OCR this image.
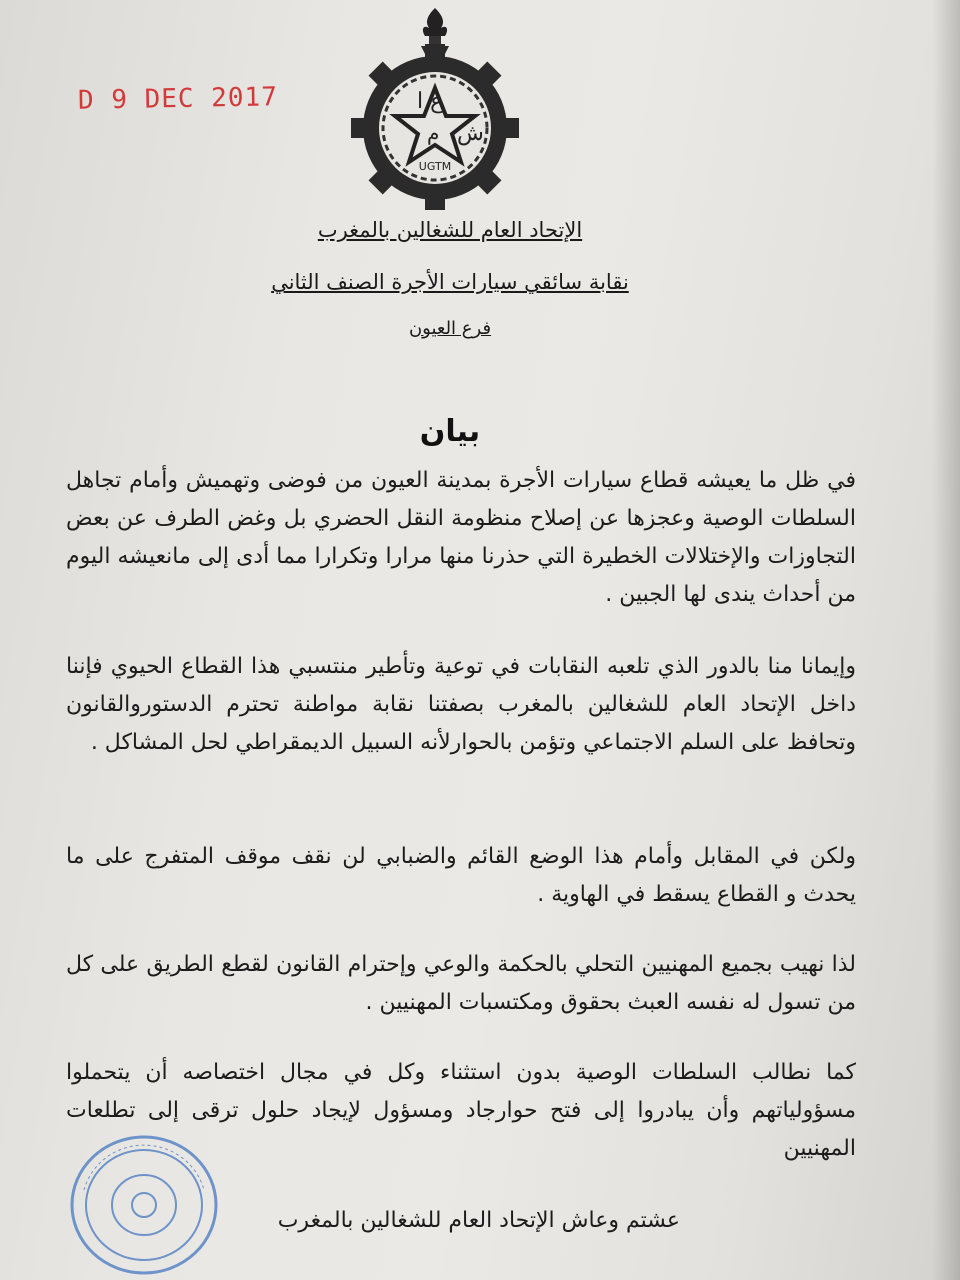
D 9 DEC 2017	ع ا
ش
م
UGTM
الإتحاد العام للشغالين بالمغرب
نقابة سائقي سيارات الأجرة الصنف الثاني
فرع العيون
بيان
في ظل ما يعيشه قطاع سيارات الأجرة بمدينة العيون من فوضى وتهميش وأمام تجاهل السلطات الوصية وعجزها عن إصلاح منظومة النقل الحضري بل وغض الطرف عن بعض التجاوزات والإختلالات الخطيرة التي حذرنا منها مرارا وتكرارا مما أدى إلى مانعيشه اليوم من أحداث يندى لها الجبين .
وإيمانا منا بالدور الذي تلعبه النقابات في توعية وتأطير منتسبي هذا القطاع الحيوي فإننا داخل الإتحاد العام للشغالين بالمغرب بصفتنا نقابة مواطنة تحترم الدستوروالقانون وتحافظ على السلم الاجتماعي وتؤمن بالحوارلأنه السبيل الديمقراطي لحل المشاكل .
ولكن في المقابل وأمام هذا الوضع القائم والضبابي لن نقف موقف المتفرج على ما يحدث و القطاع يسقط في الهاوية .
لذا نهيب بجميع المهنيين التحلي بالحكمة والوعي وإحترام القانون لقطع الطريق على كل من تسول له نفسه العبث بحقوق ومكتسبات المهنيين .
كما نطالب السلطات الوصية بدون استثناء وكل في مجال اختصاصه أن يتحملوا مسؤولياتهم وأن يبادروا إلى فتح حوارجاد ومسؤول لإيجاد حلول ترقى إلى تطلعات المهنيين
عشتم وعاش الإتحاد العام للشغالين بالمغرب
